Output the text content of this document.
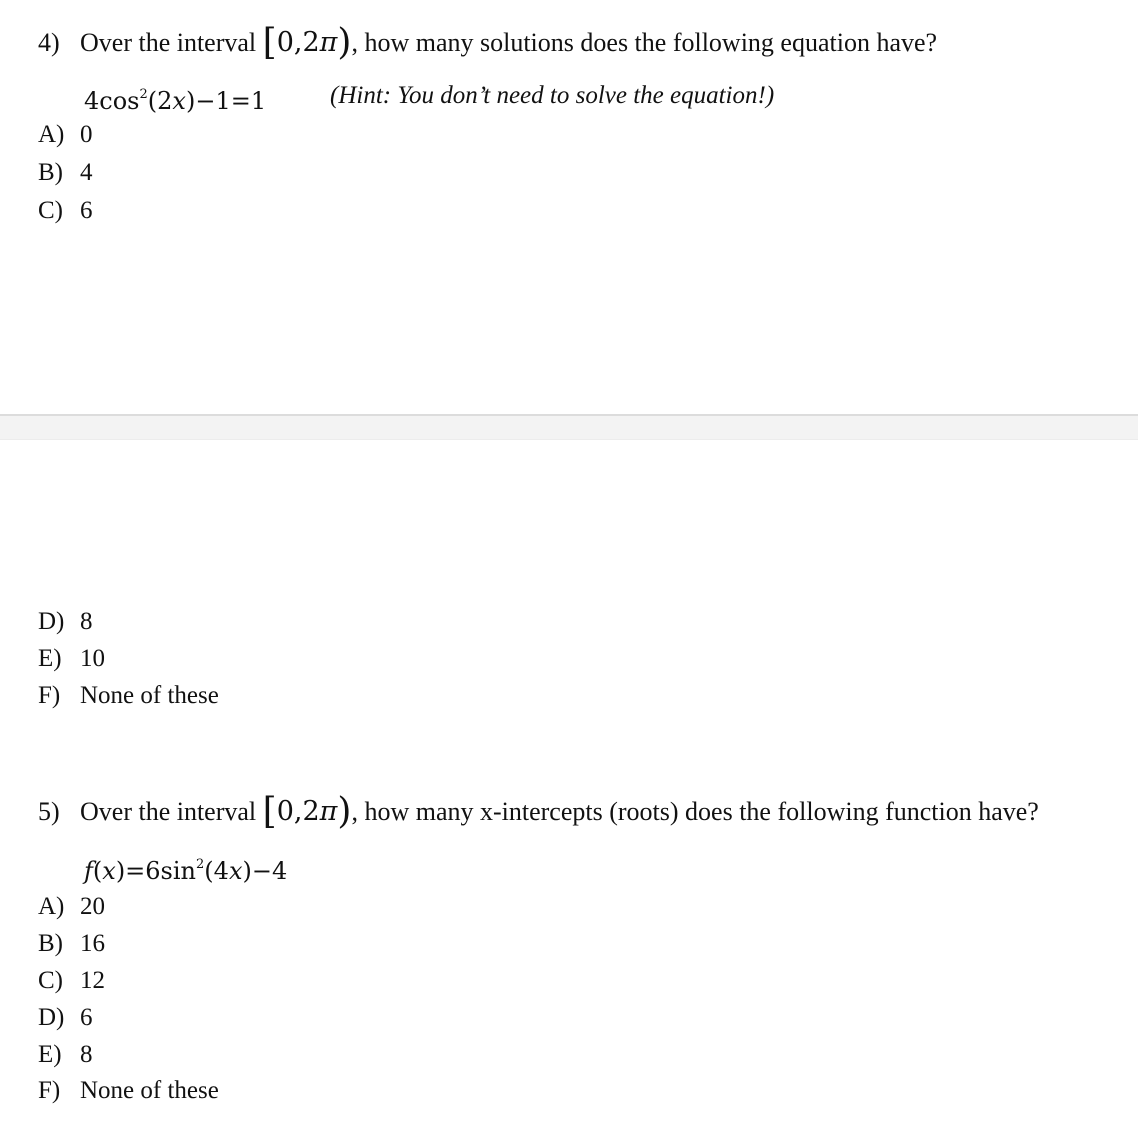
4) Over the interval [0,2π), how many solutions does the following equation have?
$4\cos^2(2x)-1=1$	(Hint: You don’t need to solve the equation!)
A) 0
B) 4
C) 6
D) 8
E) 10
F) None of these
5) Over the interval [0,2π), how many x-intercepts (roots) does the following function have?
$f(x)=6\sin^2(4x)-4$
A) 20
B) 16
C) 12
D) 6
E) 8
F) None of these
